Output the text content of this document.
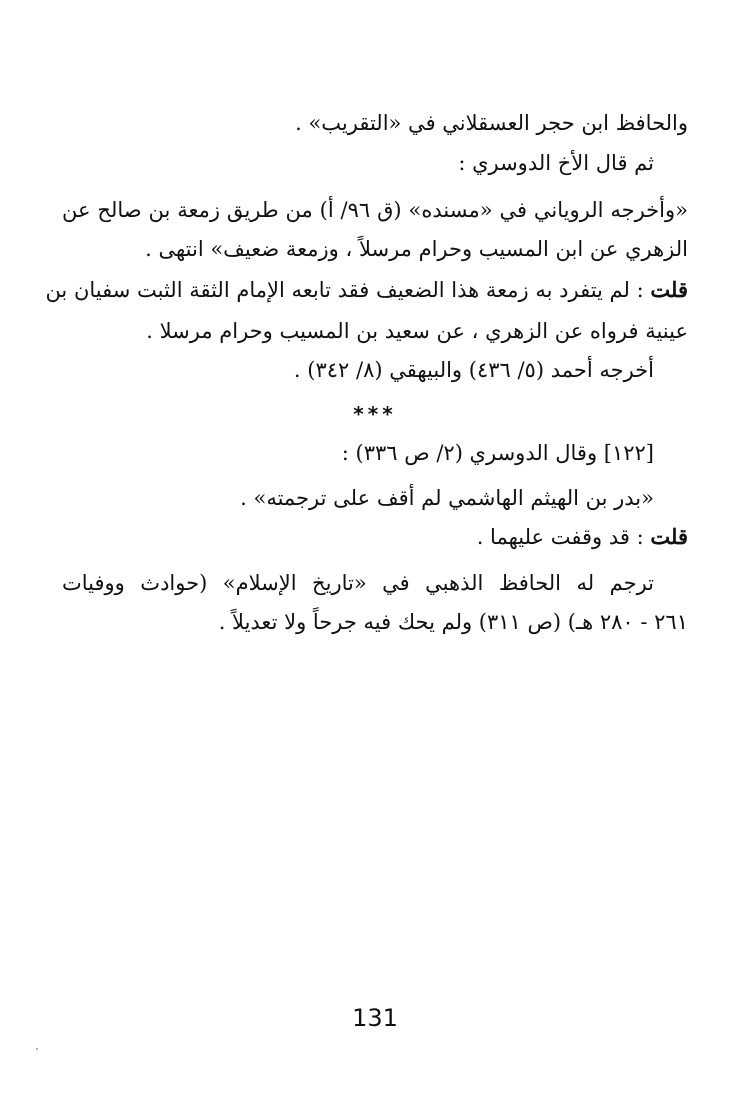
والحافظ ابن حجر العسقلاني في «التقريب» .
ثم قال الأخ الدوسري :
«وأخرجه الروياني في «مسنده» (ق ٩٦/ أ) من طريق زمعة بن صالح عن
الزهري عن ابن المسيب وحرام مرسلاً ، وزمعة ضعيف» انتهى .
قلت : لم يتفرد به زمعة هذا الضعيف فقد تابعه الإمام الثقة الثبت سفيان بن
عينية فرواه عن الزهري ، عن سعيد بن المسيب وحرام مرسلا .
أخرجه أحمد (٥/ ٤٣٦) والبيهقي (٨/ ٣٤٢) .
***
[١٢٢] وقال الدوسري (٢/ ص ٣٣٦) :
«بدر بن الهيثم الهاشمي لم أقف على ترجمته» .
قلت : قد وقفت عليهما .
ترجم له الحافظ الذهبي في «تاريخ الإسلام» (حوادث ووفيات
٢٦١ - ٢٨٠ هـ) (ص ٣١١) ولم يحك فيه جرحاً ولا تعديلاً .
131
